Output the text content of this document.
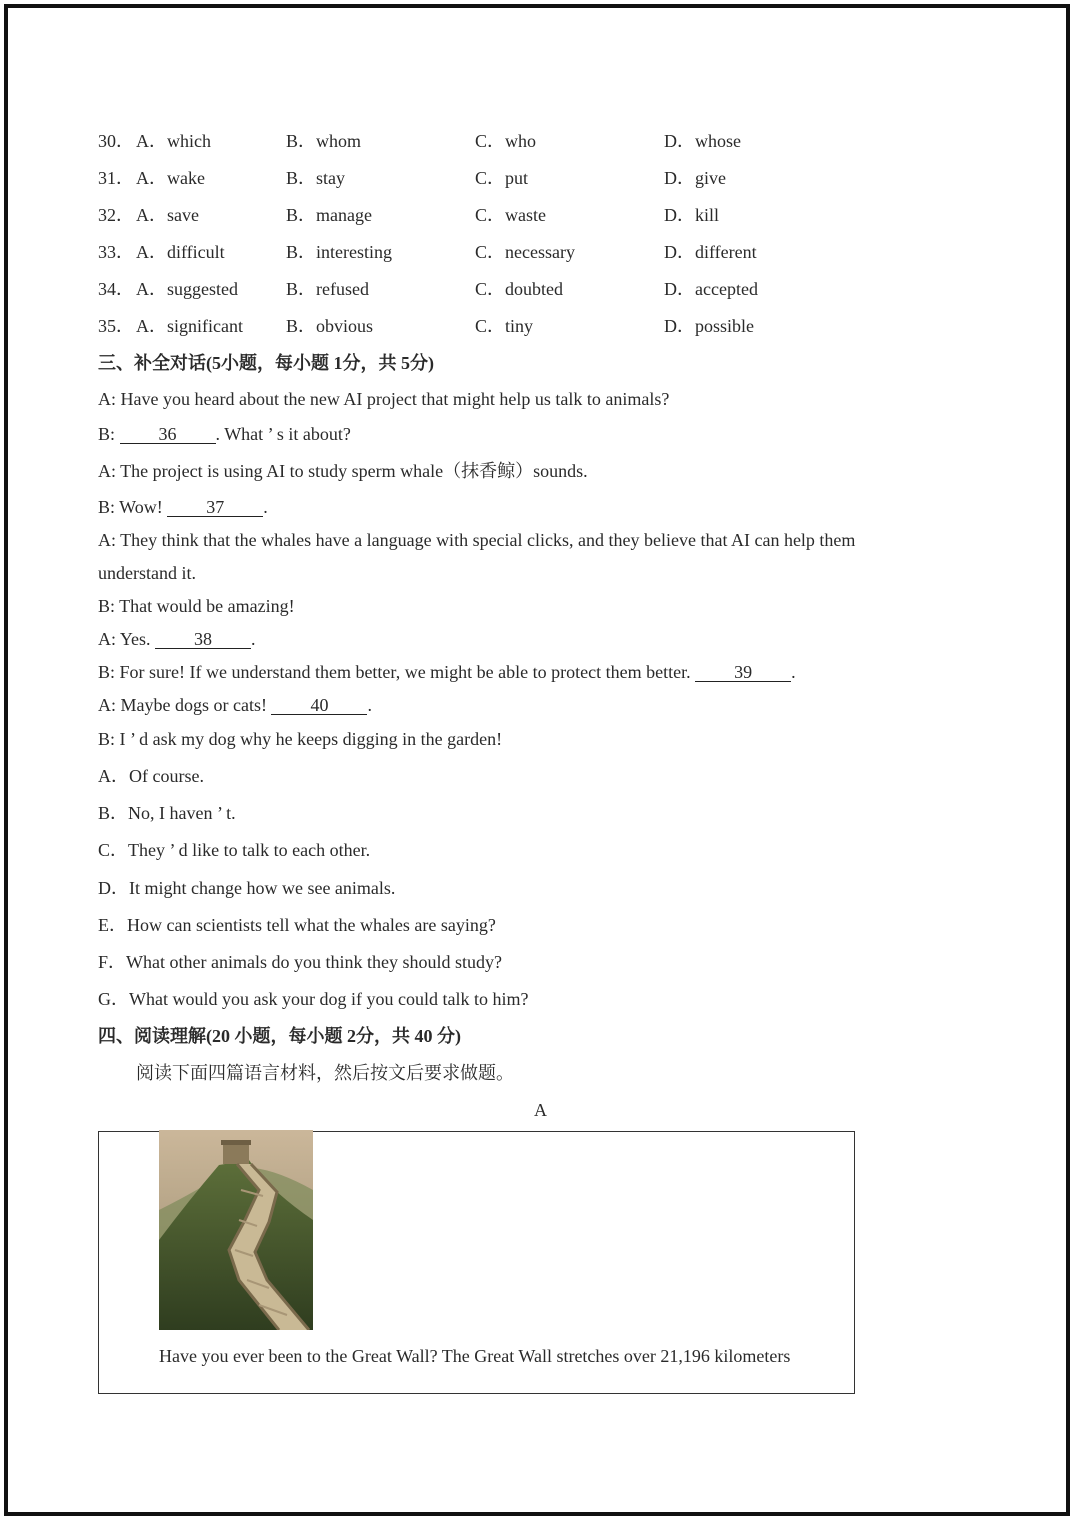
30． A．which	B．whom	C．who	D．whose
31． A．wake	B．stay	C．put	D．give
32． A．save	B．manage	C．waste	D．kill
33． A．difficult	B．interesting	C．necessary	D．different
34． A．suggested	B．refused	C．doubted	D．accepted
35． A．significant B．obvious	C．tiny	D．possible
三、补全对话(5小题，每小题 1分，共 5分)
A: Have you heard about the new AI project that might help us talk to animals?
B: 36 . What ’ s it about?
A: The project is using AI to study sperm whale（抹香鲸）sounds.
B: Wow! 37 .
A: They think that the whales have a language with special clicks, and they believe that AI can help them
understand it.
B: That would be amazing!
A: Yes. 38 .
B: For sure! If we understand them better, we might be able to protect them better. 39 .
A: Maybe dogs or cats! 40 .
B: I ’ d ask my dog why he keeps digging in the garden!
A．Of course.
B．No, I haven ’ t.
C．They ’ d like to talk to each other.
D．It might change how we see animals.
E．How can scientists tell what the whales are saying?
F．What other animals do you think they should study?
G．What would you ask your dog if you could talk to him?
四、阅读理解(20 小题，每小题 2分，共 40 分)
阅读下面四篇语言材料，然后按文后要求做题。
A
Have you ever been to the Great Wall? The Great Wall stretches over 21,196 kilometers
